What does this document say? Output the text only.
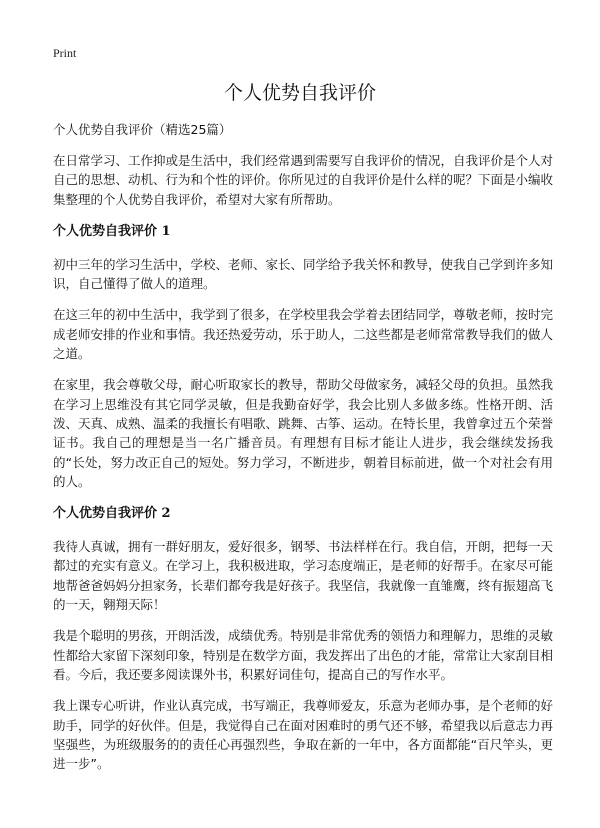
Print
个人优势自我评价

个人优势自我评价（精选25篇）

在日常学习、工作抑或是生活中，我们经常遇到需要写自我评价的情况，自我评价是个人对自己的思想、动机、行为和个性的评价。你所见过的自我评价是什么样的呢？下面是小编收集整理的个人优势自我评价，希望对大家有所帮助。

个人优势自我评价 1

初中三年的学习生活中，学校、老师、家长、同学给予我关怀和教导，使我自己学到许多知识，自己懂得了做人的道理。

在这三年的初中生活中，我学到了很多，在学校里我会学着去团结同学，尊敬老师，按时完成老师安排的作业和事情。我还热爱劳动，乐于助人，二这些都是老师常常教导我们的做人之道。

在家里，我会尊敬父母，耐心听取家长的教导，帮助父母做家务，减轻父母的负担。虽然我在学习上思维没有其它同学灵敏，但是我勤奋好学，我会比别人多做多练。性格开朗、活泼、天真、成熟、温柔的我擅长有唱歌、跳舞、古筝、运动。在特长里，我曾拿过五个荣誉证书。我自己的理想是当一名广播音员。有理想有目标才能让人进步，我会继续发扬我的“长处，努力改正自己的短处。努力学习，不断进步，朝着目标前进，做一个对社会有用的人。

个人优势自我评价 2

我待人真诚，拥有一群好朋友，爱好很多，钢琴、书法样样在行。我自信，开朗，把每一天都过的充实有意义。在学习上，我积极进取，学习态度端正，是老师的好帮手。在家尽可能地帮爸爸妈妈分担家务，长辈们都夸我是好孩子。我坚信，我就像一直雏鹰，终有振翅高飞的一天，翱翔天际！

我是个聪明的男孩，开朗活泼，成绩优秀。特别是非常优秀的领悟力和理解力，思维的灵敏性都给大家留下深刻印象，特别是在数学方面，我发挥出了出色的才能，常常让大家刮目相看。今后，我还要多阅读课外书，积累好词佳句，提高自己的写作水平。

我上课专心听讲，作业认真完成，书写端正，我尊师爱友，乐意为老师办事，是个老师的好助手，同学的好伙伴。但是，我觉得自己在面对困难时的勇气还不够，希望我以后意志力再坚强些，为班级服务的的责任心再强烈些，争取在新的一年中，各方面都能“百尺竿头，更进一步”。
